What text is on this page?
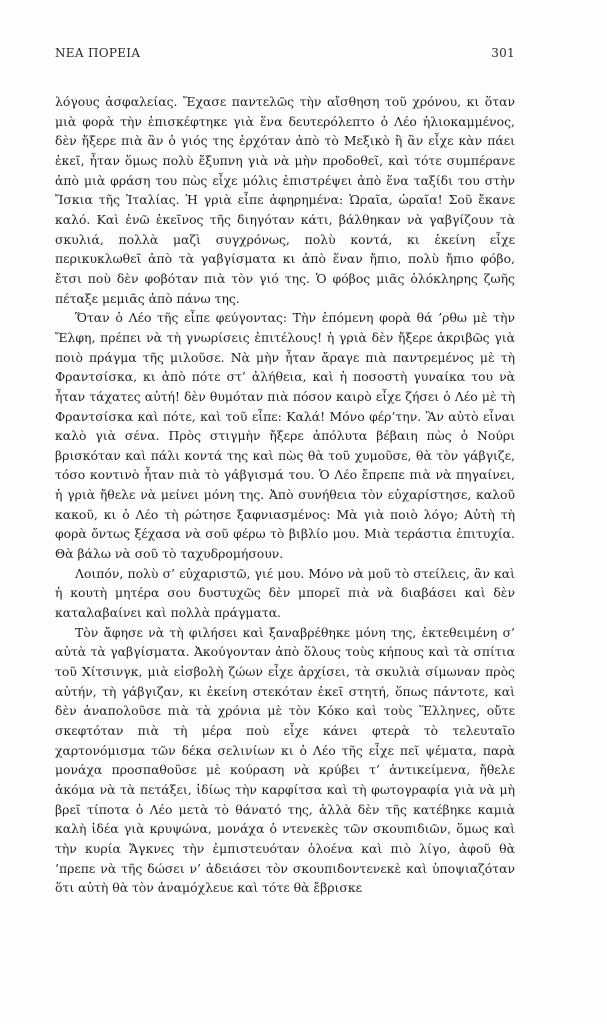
ΝΕΑ ΠΟΡΕΙΑ	301

λόγους ἀσφαλείας. Ἔχασε παντελῶς τὴν αἴσθηση τοῦ χρόνου, κι ὅταν μιὰ φορὰ τὴν ἐπισκέφτηκε γιὰ ἕνα δευτερόλεπτο ὁ Λέο ἡλιοκαμμένος, δὲν ἤξερε πιὰ ἂν ὁ γιός της ἐρχόταν ἀπὸ τὸ Μεξικὸ ἢ ἂν εἶχε κὰν πάει ἐκεῖ, ἦταν ὅμως πολὺ ἔξυπνη γιὰ νὰ μὴν προδοθεῖ, καὶ τότε συμπέρανε ἀπὸ μιὰ φράση του πὼς εἶχε μόλις ἐπιστρέψει ἀπὸ ἕνα ταξίδι του στὴν Ἴσκια τῆς Ἰταλίας. Ἡ γριὰ εἶπε ἀφηρημένα: Ὡραῖα, ὡραῖα! Σοῦ ἔκανε καλό. Καὶ ἐνῶ ἐκεῖνος τῆς διηγόταν κάτι, βάλθηκαν νὰ γαβγίζουν τὰ σκυλιά, πολλὰ μαζὶ συγχρόνως, πολὺ κοντά, κι ἐκείνη εἶχε περικυκλωθεῖ ἀπὸ τὰ γαβγίσματα κι ἀπὸ ἕναν ἤπιο, πολὺ ἤπιο φόβο, ἔτσι ποὺ δὲν φοβόταν πιὰ τὸν γιό της. Ὁ φόβος μιᾶς ὁλόκληρης ζωῆς πέταξε μεμιᾶς ἀπὸ πάνω της.

Ὅταν ὁ Λέο τῆς εἶπε φεύγοντας: Τὴν ἑπόμενη φορὰ θά ’ρθω μὲ τὴν Ἔλφη, πρέπει νὰ τὴ γνωρίσεις ἐπιτέλους! ἡ γριὰ δὲν ἤξερε ἀκριβῶς γιὰ ποιὸ πράγμα τῆς μιλοῦσε. Νὰ μὴν ἦταν ἄραγε πιὰ παντρεμένος μὲ τὴ Φραντσίσκα, κι ἀπὸ πότε στ’ ἀλήθεια, καὶ ἡ ποσοστὴ γυναίκα του νὰ ἦταν τάχατες αὐτή! δὲν θυμόταν πιὰ πόσον καιρὸ εἶχε ζήσει ὁ Λέο μὲ τὴ Φραντσίσκα καὶ πότε, καὶ τοῦ εἶπε: Καλά! Μόνο φέρ’την. Ἂν αὐτὸ εἶναι καλὸ γιὰ σένα. Πρὸς στιγμὴν ἤξερε ἀπόλυτα βέβαιη πὼς ὁ Νούρι βρισκόταν καὶ πάλι κοντά της καὶ πὼς θὰ τοῦ χυμοῦσε, θὰ τὸν γάβγιζε, τόσο κοντινὸ ἦταν πιὰ τὸ γάβγισμά του. Ὁ Λέο ἔπρεπε πιὰ νὰ πηγαίνει, ἡ γριὰ ἤθελε νὰ μείνει μόνη της. Ἀπὸ συνήθεια τὸν εὐχαρίστησε, καλοῦ κακοῦ, κι ὁ Λέο τὴ ρώτησε ξαφνιασμένος: Μὰ γιὰ ποιὸ λόγο; Αὐτὴ τὴ φορὰ ὄντως ξέχασα νὰ σοῦ φέρω τὸ βιβλίο μου. Μιὰ τεράστια ἐπιτυχία. Θὰ βάλω νὰ σοῦ τὸ ταχυδρομήσουν.

Λοιπόν, πολὺ σ’ εὐχαριστῶ, γιέ μου. Μόνο νὰ μοῦ τὸ στείλεις, ἂν καὶ ἡ κουτὴ μητέρα σου δυστυχῶς δὲν μπορεῖ πιὰ νὰ διαβάσει καὶ δὲν καταλαβαίνει καὶ πολλὰ πράγματα.

Τὸν ἄφησε νὰ τὴ φιλήσει καὶ ξαναβρέθηκε μόνη της, ἐκτεθειμένη σ’ αὐτὰ τὰ γαβγίσματα. Ἀκούγονταν ἀπὸ ὅλους τοὺς κήπους καὶ τὰ σπίτια τοῦ Χίτσινγκ, μιὰ εἰσβολὴ ζώων εἶχε ἀρχίσει, τὰ σκυλιὰ σίμωναν πρὸς αὐτήν, τὴ γάβγιζαν, κι ἐκείνη στεκόταν ἐκεῖ στητή, ὅπως πάντοτε, καὶ δὲν ἀναπολοῦσε πιὰ τὰ χρόνια μὲ τὸν Κόκο καὶ τοὺς Ἕλληνες, οὔτε σκεφτόταν πιὰ τὴ μέρα ποὺ εἶχε κάνει φτερὰ τὸ τελευταῖο χαρτονόμισμα τῶν δέκα σελινίων κι ὁ Λέο τῆς εἶχε πεῖ ψέματα, παρὰ μονάχα προσπαθοῦσε μὲ κούραση νὰ κρύβει τ’ ἀντικείμενα, ἤθελε ἀκόμα νὰ τὰ πετάξει, ἰδίως τὴν καρφίτσα καὶ τὴ φωτογραφία γιὰ νὰ μὴ βρεῖ τίποτα ὁ Λέο μετὰ τὸ θάνατό της, ἀλλὰ δὲν τῆς κατέβηκε καμιὰ καλὴ ἰδέα γιὰ κρυψώνα, μονάχα ὁ ντενεκὲς τῶν σκουπιδιῶν, ὅμως καὶ τὴν κυρία Ἄγκνες τὴν ἐμπιστευόταν ὁλοένα καὶ πιὸ λίγο, ἀφοῦ θὰ ’πρεπε νὰ τῆς δώσει ν’ ἀδειάσει τὸν σκουπιδοντενεκὲ καὶ ὑποψιαζόταν ὅτι αὐτὴ θὰ τὸν ἀναμόχλευε καὶ τότε θὰ ἔβρισκε
